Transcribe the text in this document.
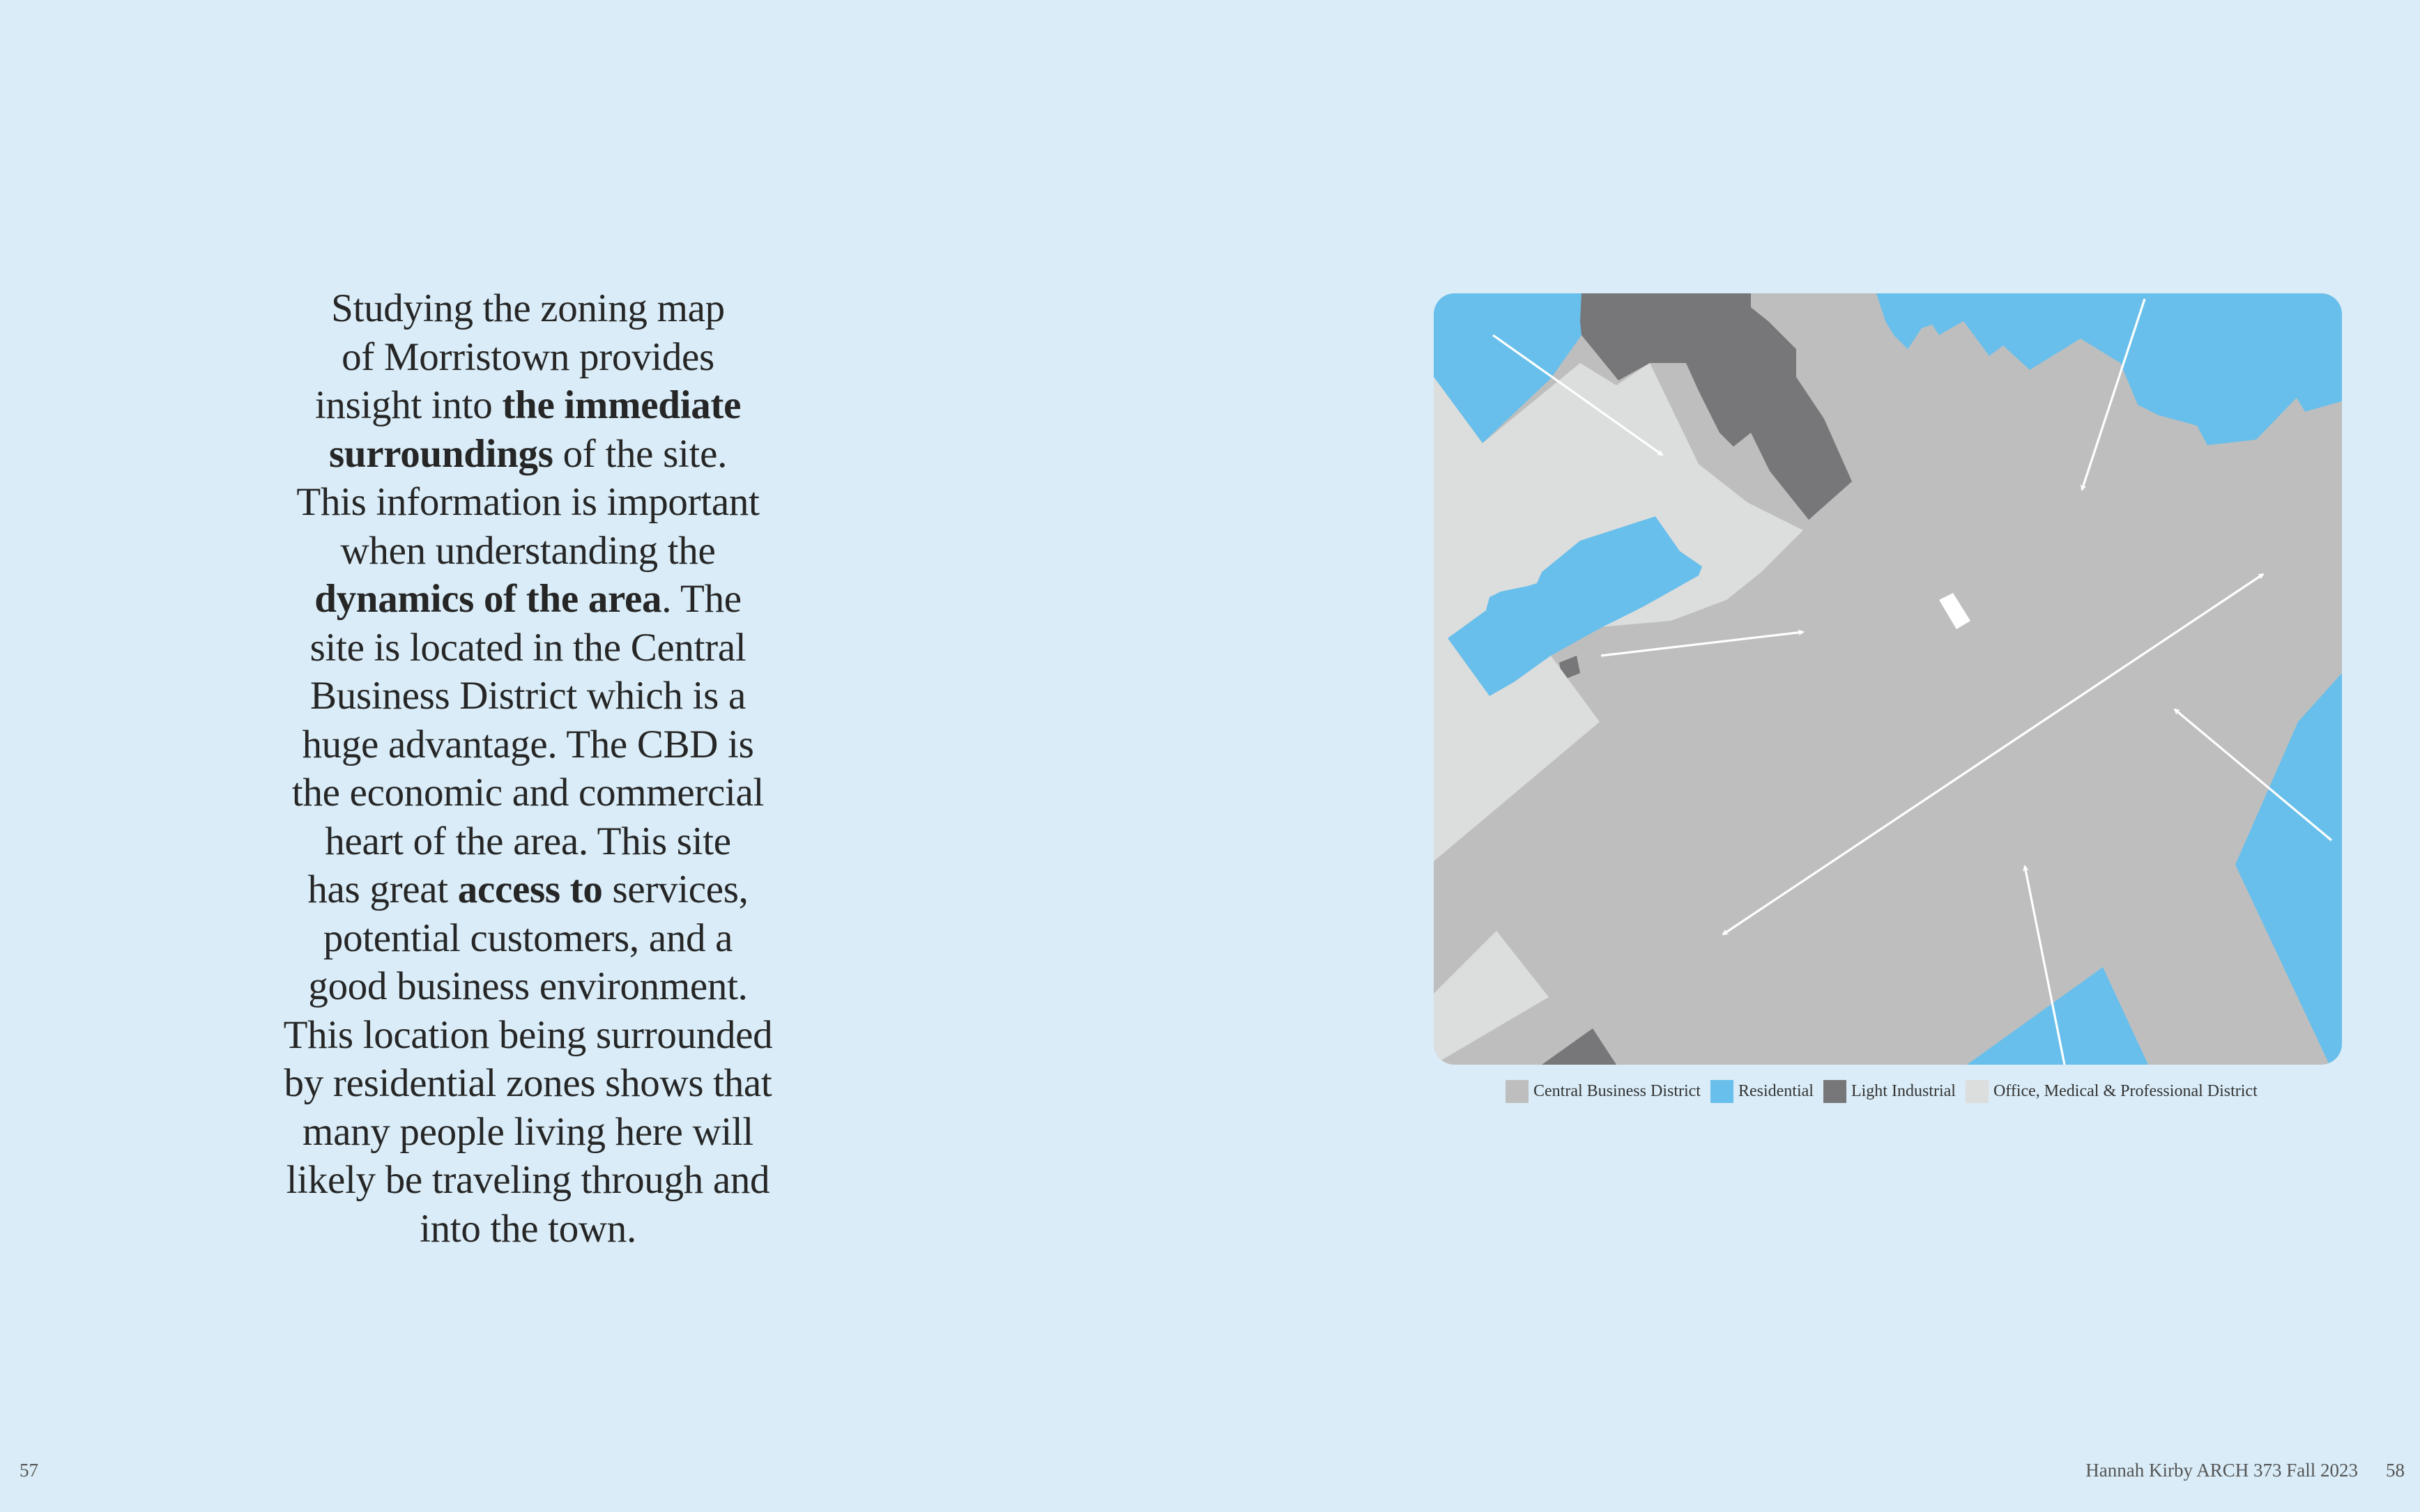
Studying the zoning map
of Morristown provides
insight into the immediate
surroundings of the site.
This information is important
when understanding the
dynamics of the area. The
site is located in the Central
Business District which is a
huge advantage. The CBD is
the economic and commercial
heart of the area. This site
has great access to services,
potential customers, and a
good business environment.
This location being surrounded
by residential zones shows that
many people living here will
likely be traveling through and
into the town.
Central Business District Residential Light Industrial Office, Medical & Professional District
57	Hannah Kirby ARCH 373 Fall 2023 58
